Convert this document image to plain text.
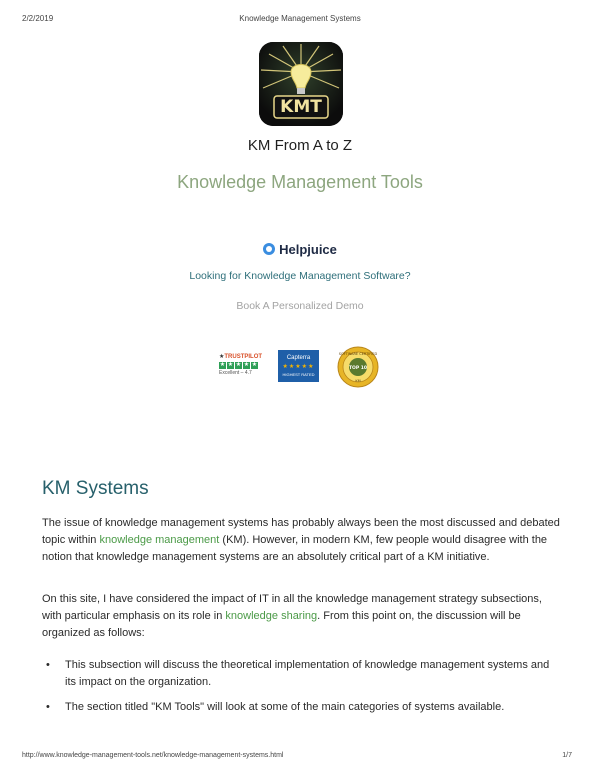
2/2/2019	Knowledge Management Systems
KMT
KM From A to Z
Knowledge Management Tools
Helpjuice
Looking for Knowledge Management Software?
Book A Personalized Demo
★TRUSTPILOT
★ ★ ★ ★ ★
Excellent – 4.7
Capterra
★★★★★
HIGHEST RATED
SOFTWARE CERTIFIED
TOP 10
KM
KM Systems

The issue of knowledge management systems has probably always been the most discussed and debated topic within knowledge management (KM). However, in modern KM, few people would disagree with the notion that knowledge management systems are an absolutely critical part of a KM initiative.

On this site, I have considered the impact of IT in all the knowledge management strategy subsections, with particular emphasis on its role in knowledge sharing. From this point on, the discussion will be organized as follows:

• This subsection will discuss the theoretical implementation of knowledge management systems and its impact on the organization.
• The section titled "KM Tools" will look at some of the main categories of systems available.
http://www.knowledge-management-tools.net/knowledge-management-systems.html	1/7
